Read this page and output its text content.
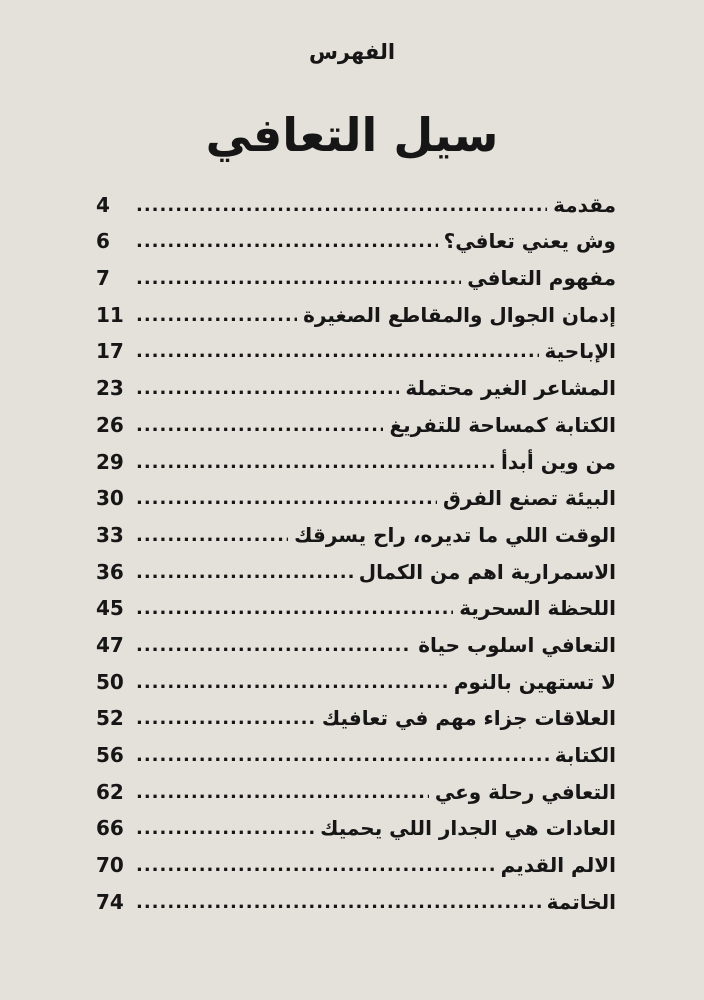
الفهرس
سيل التعافي
مقدمة
.....
4
وش يعني تعافي؟
.....
6
مفهوم التعافي
.....
7
إدمان الجوال والمقاطع الصغيرة
.....
11
الإباحية
.....
17
المشاعر الغير محتملة
.....
23
الكتابة كمساحة للتفريغ
.....
26
من وين أبدأ
.....
29
البيئة تصنع الفرق
.....
30
الوقت اللي ما تديره، راح يسرقك
.....
33
الاسمرارية اهم من الكمال
.....
36
اللحظة السحرية
.....
45
التعافي اسلوب حياة
.....
47
لا تستهين بالنوم
.....
50
العلاقات جزاء مهم في تعافيك
.....
52
الكتابة
.....
56
التعافي رحلة وعي
.....
62
العادات هي الجدار اللي يحميك
.....
66
الالم القديم
.....
70
الخاتمة
.....
74
